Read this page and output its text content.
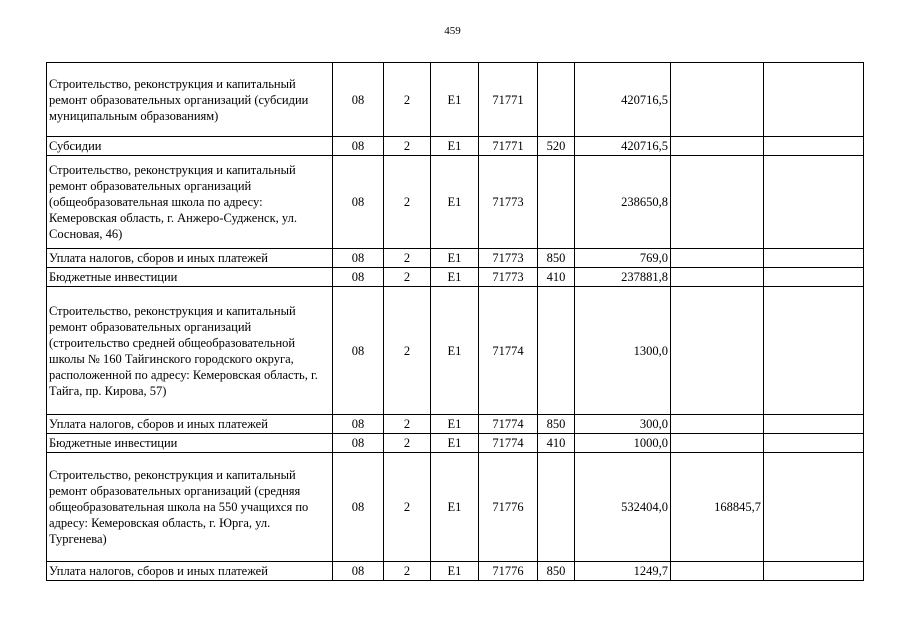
459
Строительство, реконструкция и капитальный ремонт образовательных организаций (субсидии муниципальным образованиям)	08	2	E1	71771		420716,5		
Субсидии	08	2	E1	71771	520	420716,5		
Строительство, реконструкция и капитальный ремонт образовательных организаций (общеобразовательная школа по адресу: Кемеровская область, г. Анжеро-Судженск, ул. Сосновая, 46)	08	2	E1	71773		238650,8		
Уплата налогов, сборов и иных платежей	08	2	E1	71773	850	769,0		
Бюджетные инвестиции	08	2	E1	71773	410	237881,8		
Строительство, реконструкция и капитальный ремонт образовательных организаций (строительство средней общеобразовательной школы № 160 Тайгинского городского округа, расположенной по адресу: Кемеровская область, г. Тайга, пр. Кирова, 57)	08	2	E1	71774		1300,0		
Уплата налогов, сборов и иных платежей	08	2	E1	71774	850	300,0		
Бюджетные инвестиции	08	2	E1	71774	410	1000,0		
Строительство, реконструкция и капитальный ремонт образовательных организаций (средняя общеобразовательная школа на 550 учащихся по адресу: Кемеровская область, г. Юрга, ул. Тургенева)	08	2	E1	71776		532404,0	168845,7	
Уплата налогов, сборов и иных платежей	08	2	E1	71776	850	1249,7		
